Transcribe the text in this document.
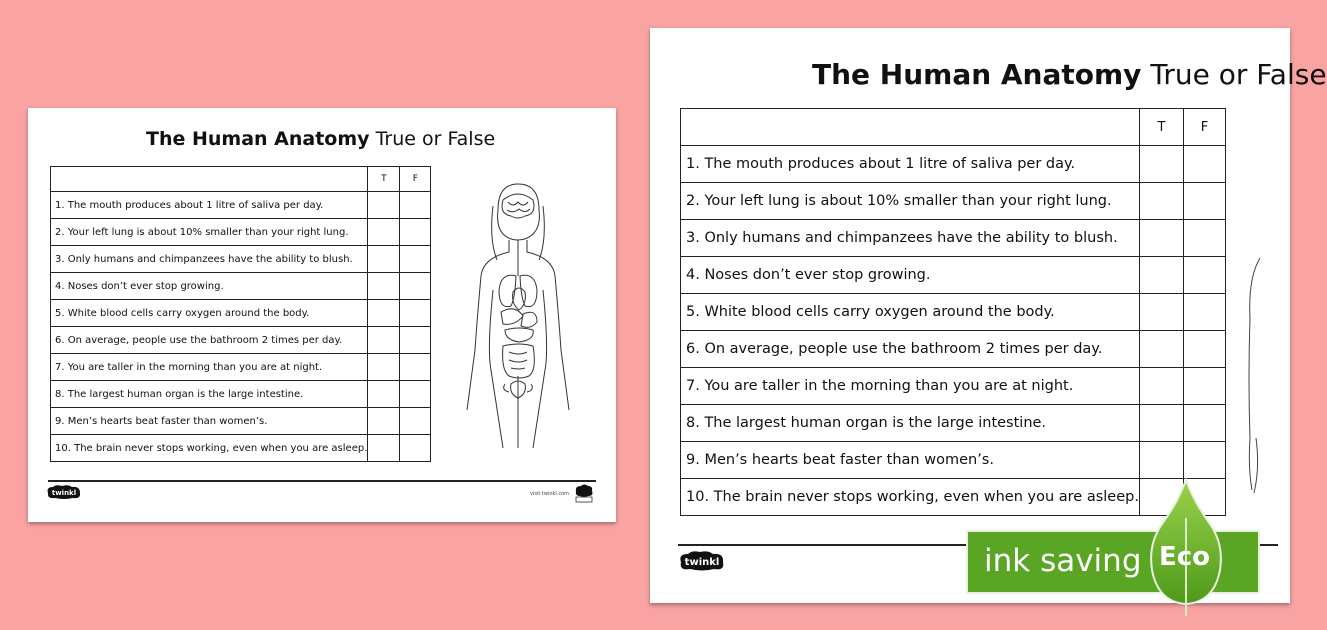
The Human Anatomy True or False
	T	F
1. The mouth produces about 1 litre of saliva per day.		
2. Your left lung is about 10% smaller than your right lung.		
3. Only humans and chimpanzees have the ability to blush.		
4. Noses don’t ever stop growing.		
5. White blood cells carry oxygen around the body.		
6. On average, people use the bathroom 2 times per day.		
7. You are taller in the morning than you are at night.		
8. The largest human organ is the large intestine.		
9. Men’s hearts beat faster than women’s.		
10. The brain never stops working, even when you are asleep.		
twinkl	visit twinkl.com
The Human Anatomy True or False
	T	F
1. The mouth produces about 1 litre of saliva per day.		
2. Your left lung is about 10% smaller than your right lung.		
3. Only humans and chimpanzees have the ability to blush.		
4. Noses don’t ever stop growing.		
5. White blood cells carry oxygen around the body.		
6. On average, people use the bathroom 2 times per day.		
7. You are taller in the morning than you are at night.		
8. The largest human organ is the large intestine.		
9. Men’s hearts beat faster than women’s.		
10. The brain never stops working, even when you are asleep.		
twinkl	ink saving Eco
